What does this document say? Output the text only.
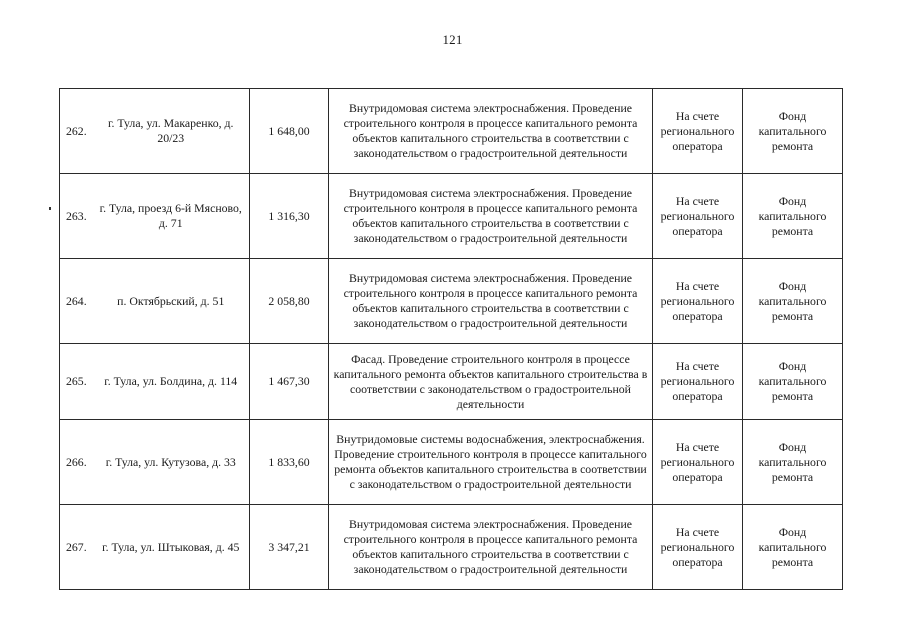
121
262.	г. Тула, ул. Макаренко, д. 20/23	1 648,00	Внутридомовая система электроснабжения. Проведение строительного контроля в процессе капитального ремонта объектов капитального строительства в соответствии с законодательством о градостроительной деятельности	На счете регионального оператора	Фонд капитального ремонта
263.	г. Тула, проезд 6-й Мясново, д. 71	1 316,30	Внутридомовая система электроснабжения. Проведение строительного контроля в процессе капитального ремонта объектов капитального строительства в соответствии с законодательством о градостроительной деятельности	На счете регионального оператора	Фонд капитального ремонта
264.	п. Октябрьский, д. 51	2 058,80	Внутридомовая система электроснабжения. Проведение строительного контроля в процессе капитального ремонта объектов капитального строительства в соответствии с законодательством о градостроительной деятельности	На счете регионального оператора	Фонд капитального ремонта
265.	г. Тула, ул. Болдина, д. 114	1 467,30	Фасад. Проведение строительного контроля в процессе капитального ремонта объектов капитального строительства в соответствии с законодательством о градостроительной деятельности	На счете регионального оператора	Фонд капитального ремонта
266.	г. Тула, ул. Кутузова, д. 33	1 833,60	Внутридомовые системы водоснабжения, электроснабжения. Проведение строительного контроля в процессе капитального ремонта объектов капитального строительства в соответствии с законодательством о градостроительной деятельности	На счете регионального оператора	Фонд капитального ремонта
267.	г. Тула, ул. Штыковая, д. 45	3 347,21	Внутридомовая система электроснабжения. Проведение строительного контроля в процессе капитального ремонта объектов капитального строительства в соответствии с законодательством о градостроительной деятельности	На счете регионального оператора	Фонд капитального ремонта
